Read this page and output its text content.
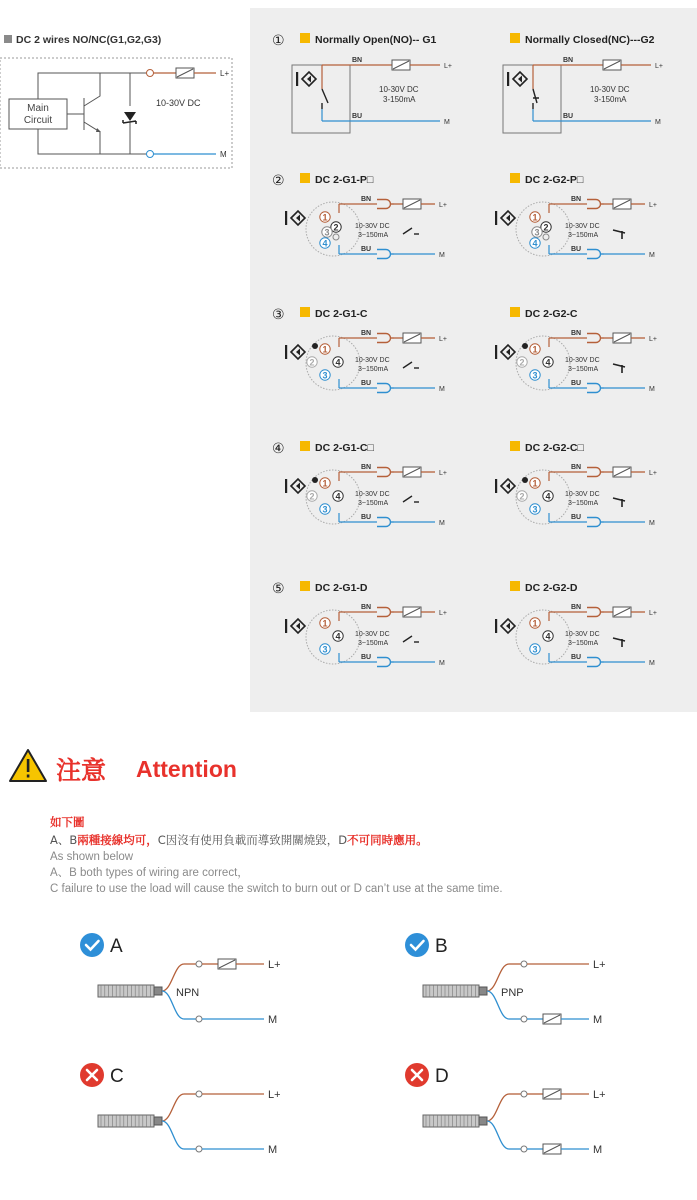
DC 2 wires NO/NC(G1,G2,G3)
Main
Circuit
L+
M
10-30V DC
①	Normally Open(NO)-- G1	Normally Closed(NC)---G2
BN
BU
L+
M
10-30V DC
3-150mA
BN
BU
L+
M
10-30V DC
3-150mA
②	DC 2-G1-P□	DC 2-G2-P□
BN
BU
L+
M
10-30V DC
3~150mA
1
2
3
4
BN
BU
L+
M
10-30V DC
3~150mA
1
2
3
4
③	DC 2-G1-C	DC 2-G2-C
BN
BU
L+
M
10-30V DC
3~150mA
1
2 4
3
BN
BU
L+
M
10-30V DC
3~150mA
1
2 4
3
④	DC 2-G1-C□	DC 2-G2-C□
BN
BU
L+
M
10-30V DC
3~150mA
1
2 4
3
BN
BU
L+
M
10-30V DC
3~150mA
1
2 4
3
⑤	DC 2-G1-D	DC 2-G2-D
BN
BU
L+
M
10-30V DC
3~150mA
1
4
3
BN
BU
L+
M
10-30V DC
3~150mA
1
4
3
注意 Attention
如下圖
A、B兩種接線均可，C因沒有使用負載而導致開關燒毀，D不可同時應用。
As shown below
A、B both types of wiring are correct，
C failure to use the load will cause the switch to burn out or D can’t use at the same time.
A
L+
M
NPN
B
L+
M
PNP
C
L+
M
D
L+
M
